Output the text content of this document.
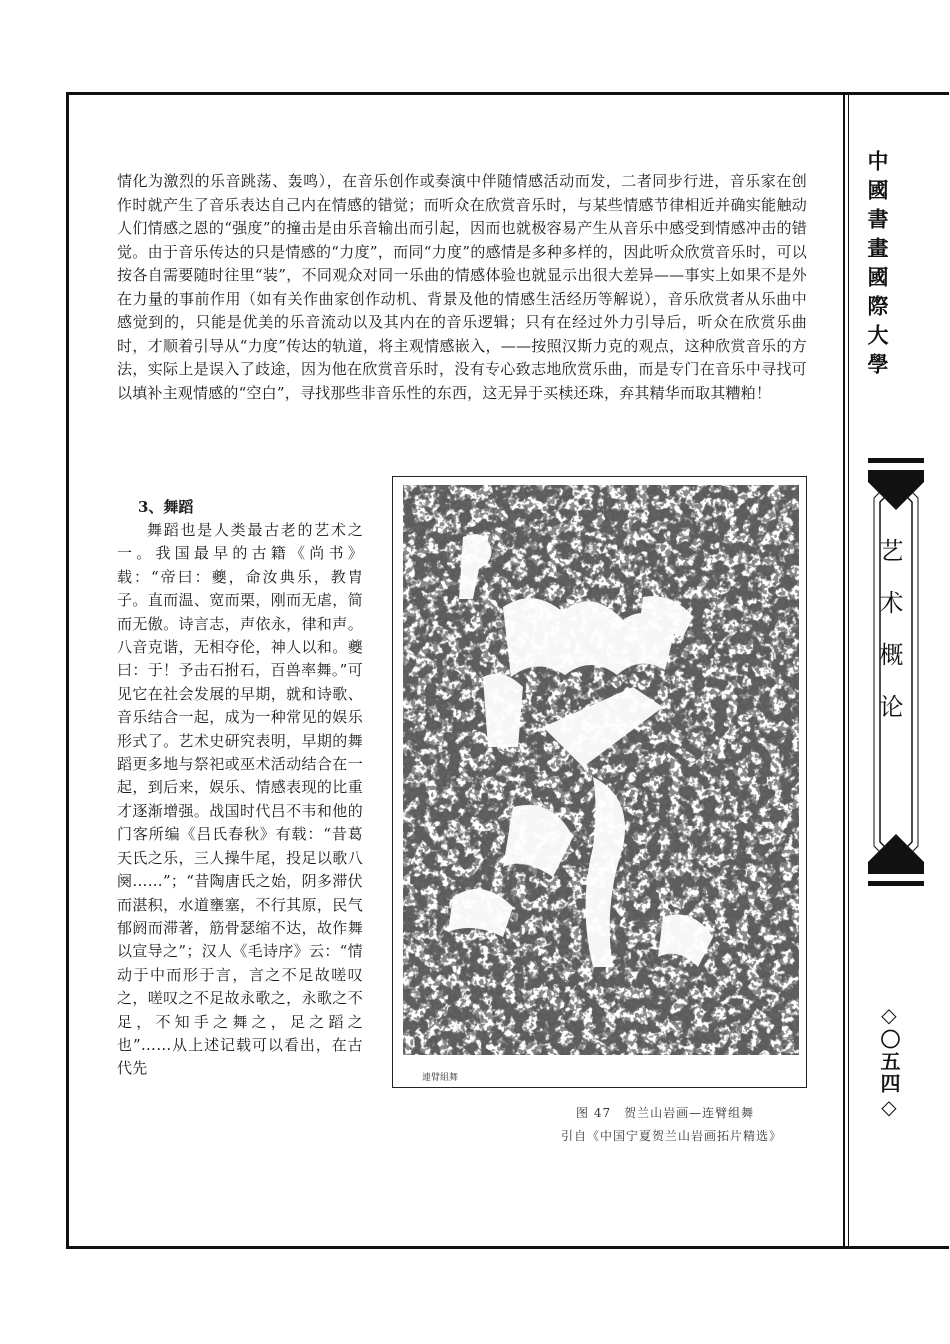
情化为激烈的乐音跳荡、轰鸣），在音乐创作或奏演中伴随情感活动而发，二者同步行进，音乐家在创作时就产生了音乐表达自己内在情感的错觉；而听众在欣赏音乐时，与某些情感节律相近并确实能触动人们情感之恩的“强度”的撞击是由乐音输出而引起，因而也就极容易产生从音乐中感受到情感冲击的错觉。由于音乐传达的只是情感的“力度”，而同“力度”的感情是多种多样的，因此听众欣赏音乐时，可以按各自需要随时往里“装”，不同观众对同一乐曲的情感体验也就显示出很大差异——事实上如果不是外在力量的事前作用（如有关作曲家创作动机、背景及他的情感生活经历等解说），音乐欣赏者从乐曲中感觉到的，只能是优美的乐音流动以及其内在的音乐逻辑；只有在经过外力引导后，听众在欣赏乐曲时，才顺着引导从“力度”传达的轨道，将主观情感嵌入，——按照汉斯力克的观点，这种欣赏音乐的方法，实际上是误入了歧途，因为他在欣赏音乐时，没有专心致志地欣赏乐曲，而是专门在音乐中寻找可以填补主观情感的“空白”，寻找那些非音乐性的东西，这无异于买椟还珠，弃其精华而取其糟粕！

3、舞蹈

舞蹈也是人类最古老的艺术之一。我国最早的古籍《尚书》载：“帝曰：夔，命汝典乐，教胄子。直而温、宽而栗，刚而无虐，简而无傲。诗言志，声依永，律和声。八音克谐，无相夺伦，神人以和。夔曰：于！予击石拊石，百兽率舞。”可见它在社会发展的早期，就和诗歌、音乐结合一起，成为一种常见的娱乐形式了。艺术史研究表明，早期的舞蹈更多地与祭祀或巫术活动结合在一起，到后来，娱乐、情感表现的比重才逐渐增强。战国时代吕不韦和他的门客所编《吕氏春秋》有载：“昔葛天氏之乐，三人操牛尾，投足以歌八阕……”；“昔陶唐氏之始，阴多滞伏而湛积，水道壅塞，不行其原，民气郁阏而滞著，筋骨瑟缩不达，故作舞以宣导之”；汉人《毛诗序》云：“情动于中而形于言，言之不足故嗟叹之，嗟叹之不足故永歌之，永歌之不足，不知手之舞之，足之蹈之也”……从上述记载可以看出，在古代先

連臂組舞
图 47　贺兰山岩画—连臂组舞
引自《中国宁夏贺兰山岩画拓片精选》
中國書畫國際大學
艺术概论
◇〇五四◇
